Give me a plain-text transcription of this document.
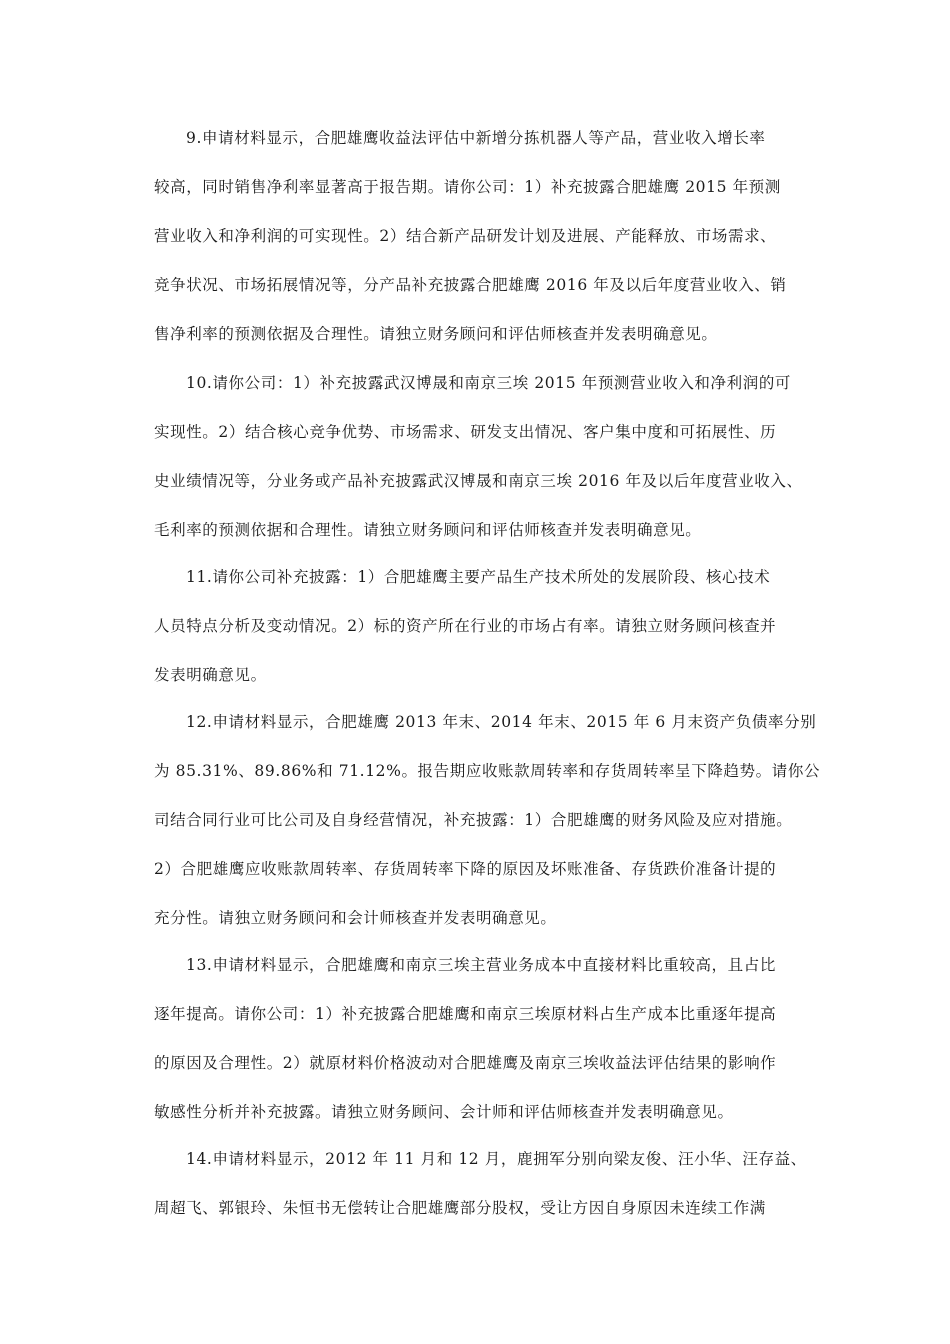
9.申请材料显示，合肥雄鹰收益法评估中新增分拣机器人等产品，营业收入增长率
较高，同时销售净利率显著高于报告期。请你公司：1）补充披露合肥雄鹰 2015 年预测
营业收入和净利润的可实现性。2）结合新产品研发计划及进展、产能释放、市场需求、
竞争状况、市场拓展情况等，分产品补充披露合肥雄鹰 2016 年及以后年度营业收入、销
售净利率的预测依据及合理性。请独立财务顾问和评估师核查并发表明确意见。
10.请你公司：1）补充披露武汉博晟和南京三埃 2015 年预测营业收入和净利润的可
实现性。2）结合核心竞争优势、市场需求、研发支出情况、客户集中度和可拓展性、历
史业绩情况等，分业务或产品补充披露武汉博晟和南京三埃 2016 年及以后年度营业收入、
毛利率的预测依据和合理性。请独立财务顾问和评估师核查并发表明确意见。
11.请你公司补充披露：1）合肥雄鹰主要产品生产技术所处的发展阶段、核心技术
人员特点分析及变动情况。2）标的资产所在行业的市场占有率。请独立财务顾问核查并
发表明确意见。
12.申请材料显示，合肥雄鹰 2013 年末、2014 年末、2015 年 6 月末资产负债率分别
为 85.31%、89.86%和 71.12%。报告期应收账款周转率和存货周转率呈下降趋势。请你公
司结合同行业可比公司及自身经营情况，补充披露：1）合肥雄鹰的财务风险及应对措施。
2）合肥雄鹰应收账款周转率、存货周转率下降的原因及坏账准备、存货跌价准备计提的
充分性。请独立财务顾问和会计师核查并发表明确意见。
13.申请材料显示，合肥雄鹰和南京三埃主营业务成本中直接材料比重较高，且占比
逐年提高。请你公司：1）补充披露合肥雄鹰和南京三埃原材料占生产成本比重逐年提高
的原因及合理性。2）就原材料价格波动对合肥雄鹰及南京三埃收益法评估结果的影响作
敏感性分析并补充披露。请独立财务顾问、会计师和评估师核查并发表明确意见。
14.申请材料显示，2012 年 11 月和 12 月，鹿拥军分别向梁友俊、汪小华、汪存益、
周超飞、郭银玲、朱恒书无偿转让合肥雄鹰部分股权，受让方因自身原因未连续工作满
